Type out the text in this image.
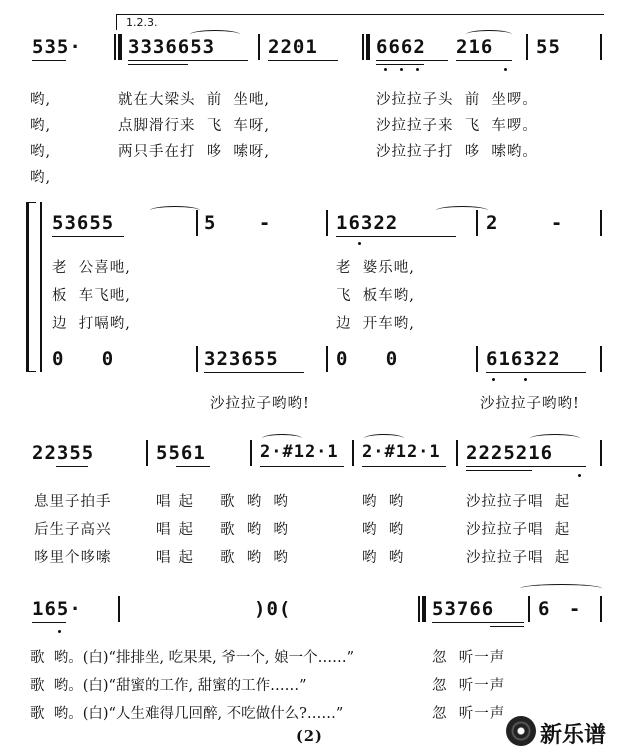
1.2.3.
535· 3336653	2201	6662 216 55
哟,	就在大梁头  前  坐吔,	沙拉拉子头  前  坐啰。
哟,	点脚滑行来  飞  车呀,	沙拉拉子来  飞  车啰。
哟,	两只手在打  哆  嗦呀,	沙拉拉子打  哆  嗦哟。
哟,
53655	5 -	16322	2 -
老  公喜吔,	老  婆乐吔,
板  车飞吔,	飞  板车哟,
边  打嗝哟,	边  开车哟,
0   0	323655	0   0	616322
沙拉拉子哟哟!	沙拉拉子哟哟!
22355	5561	2·#12·1 2·#12·1 2225216
息里子拍手	唱起 歌  哟  哟	哟  哟	沙拉拉子唱  起
后生子高兴	唱起 歌  哟  哟	哟  哟	沙拉拉子唱  起
哆里个哆嗦	唱起 歌  哟  哟	哟  哟	沙拉拉子唱  起
165·	)0(	53766 6 -
歌  哟。(白)“排排坐, 吃果果, 爷一个, 娘一个……”	忽  听一声
歌  哟。(白)“甜蜜的工作, 甜蜜的工作……”	忽  听一声
歌  哟。(白)“人生难得几回醉, 不吃做什么?……”	忽  听一声
(2)	新乐谱
